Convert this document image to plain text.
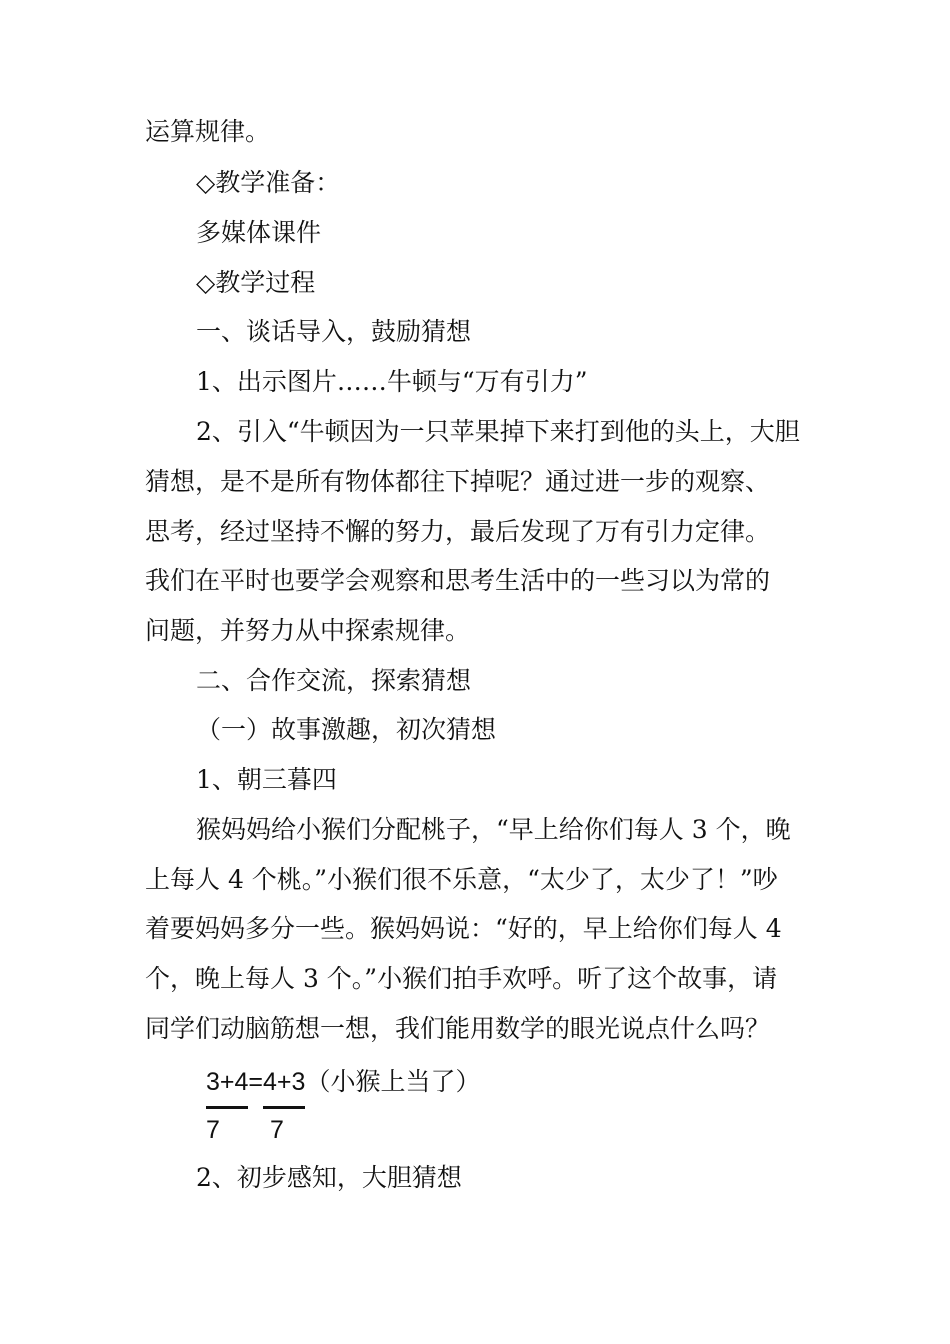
运算规律。
◇教学准备：
多媒体课件
◇教学过程
一、谈话导入，鼓励猜想
1、出示图片……牛顿与“万有引力”
2、引入“牛顿因为一只苹果掉下来打到他的头上，大胆
猜想，是不是所有物体都往下掉呢？通过进一步的观察、
思考，经过坚持不懈的努力，最后发现了万有引力定律。
我们在平时也要学会观察和思考生活中的一些习以为常的
问题，并努力从中探索规律。
二、合作交流，探索猜想
（一）故事激趣，初次猜想
1、朝三暮四
猴妈妈给小猴们分配桃子，“早上给你们每人 3 个，晚
上每人 4 个桃。”小猴们很不乐意，“太少了，太少了！”吵
着要妈妈多分一些。猴妈妈说：“好的，早上给你们每人 4
个，晚上每人 3 个。”小猴们拍手欢呼。听了这个故事，请
同学们动脑筋想一想，我们能用数学的眼光说点什么吗？
3+4=4+3（小猴上当了）
7 7
2、初步感知，大胆猜想
